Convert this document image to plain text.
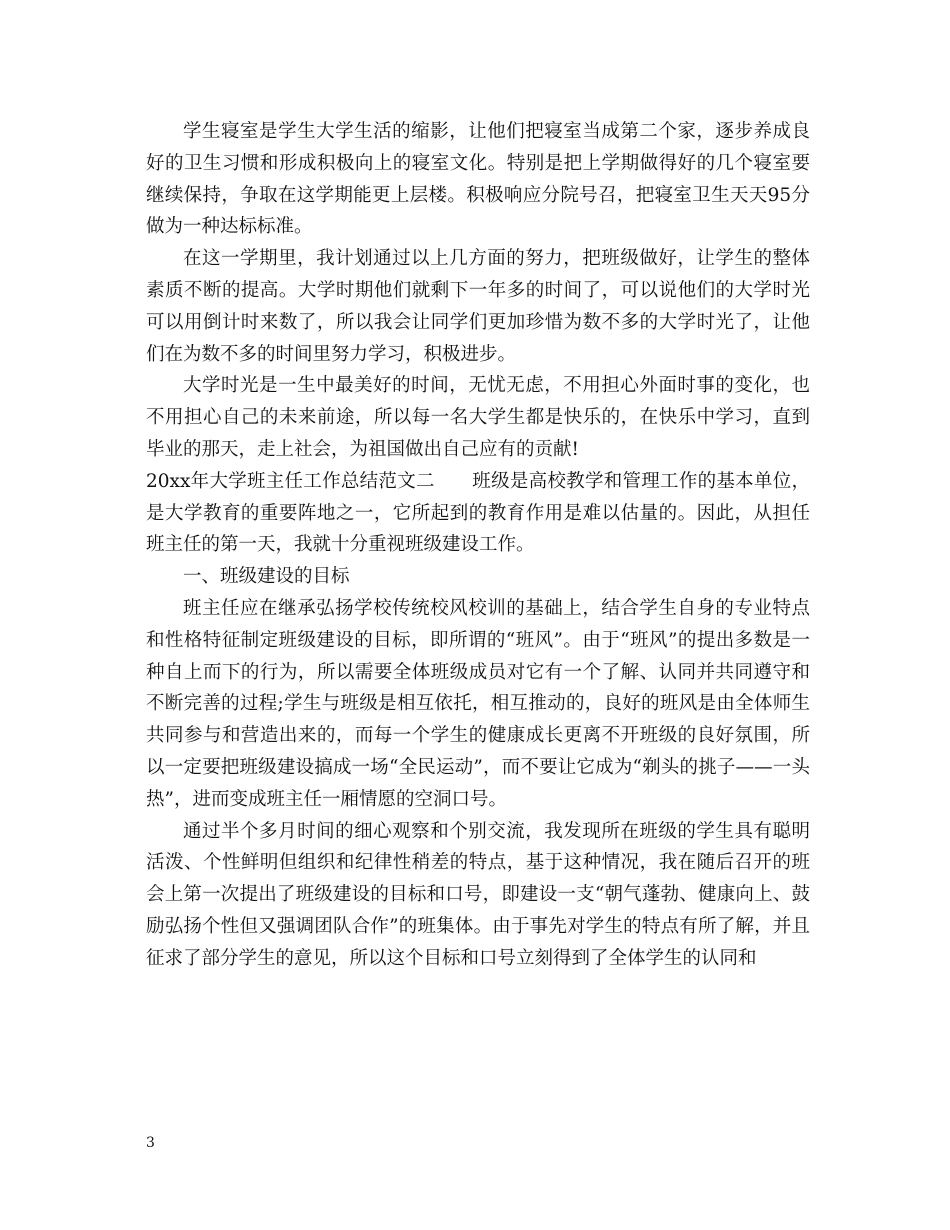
学生寝室是学生大学生活的缩影，让他们把寝室当成第二个家，逐步养成良好的卫生习惯和形成积极向上的寝室文化。特别是把上学期做得好的几个寝室要继续保持，争取在这学期能更上层楼。积极响应分院号召，把寝室卫生天天95分做为一种达标标准。

在这一学期里，我计划通过以上几方面的努力，把班级做好，让学生的整体素质不断的提高。大学时期他们就剩下一年多的时间了，可以说他们的大学时光可以用倒计时来数了，所以我会让同学们更加珍惜为数不多的大学时光了，让他们在为数不多的时间里努力学习，积极进步。

大学时光是一生中最美好的时间，无忧无虑，不用担心外面时事的变化，也不用担心自己的未来前途，所以每一名大学生都是快乐的，在快乐中学习，直到毕业的那天，走上社会，为祖国做出自己应有的贡献!

20xx年大学班主任工作总结范文二　　班级是高校教学和管理工作的基本单位，是大学教育的重要阵地之一，它所起到的教育作用是难以估量的。因此，从担任班主任的第一天，我就十分重视班级建设工作。

一、班级建设的目标

班主任应在继承弘扬学校传统校风校训的基础上，结合学生自身的专业特点和性格特征制定班级建设的目标，即所谓的“班风”。由于“班风”的提出多数是一种自上而下的行为，所以需要全体班级成员对它有一个了解、认同并共同遵守和不断完善的过程;学生与班级是相互依托，相互推动的，良好的班风是由全体师生共同参与和营造出来的，而每一个学生的健康成长更离不开班级的良好氛围，所以一定要把班级建设搞成一场“全民运动”，而不要让它成为“剃头的挑子——一头热”，进而变成班主任一厢情愿的空洞口号。

通过半个多月时间的细心观察和个别交流，我发现所在班级的学生具有聪明活泼、个性鲜明但组织和纪律性稍差的特点，基于这种情况，我在随后召开的班会上第一次提出了班级建设的目标和口号，即建设一支“朝气蓬勃、健康向上、鼓励弘扬个性但又强调团队合作”的班集体。由于事先对学生的特点有所了解，并且征求了部分学生的意见，所以这个目标和口号立刻得到了全体学生的认同和

3
